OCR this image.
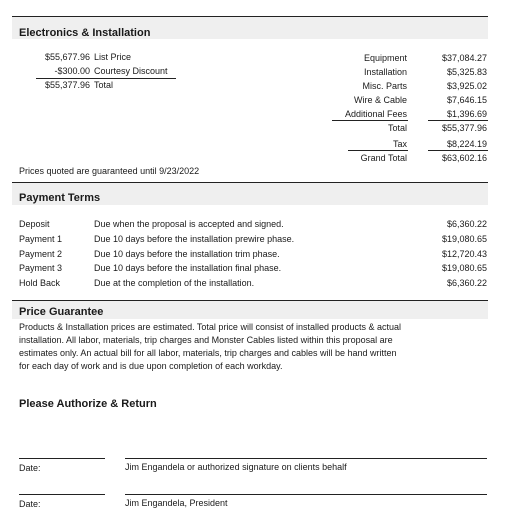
Electronics & Installation
$55,677.96 List Price
-$300.00 Courtesy Discount
$55,377.96 Total
Equipment	$37,084.27
Installation	$5,325.83
Misc. Parts	$3,925.02
Wire & Cable	$7,646.15
Additional Fees	$1,396.69
Total	$55,377.96
Tax	$8,224.19
Grand Total	$63,602.16
Prices quoted are guaranteed until 9/23/2022
Payment Terms
Deposit	Due when the proposal is accepted and signed.	$6,360.22
Payment 1	Due 10 days before the installation prewire phase.	$19,080.65
Payment 2	Due 10 days before the installation trim phase.	$12,720.43
Payment 3	Due 10 days before the installation final phase.	$19,080.65
Hold Back	Due at the completion of the installation.	$6,360.22
Price Guarantee
Products & Installation prices are estimated. Total price will consist of installed products & actual
installation. All labor, materials, trip charges and Monster Cables listed within this proposal are
estimates only. An actual bill for all labor, materials, trip charges and cables will be hand written
for each day of work and is due upon completion of each workday.
Please Authorize & Return
Date:	Jim Engandela or authorized signature on clients behalf
Date:	Jim Engandela, President
